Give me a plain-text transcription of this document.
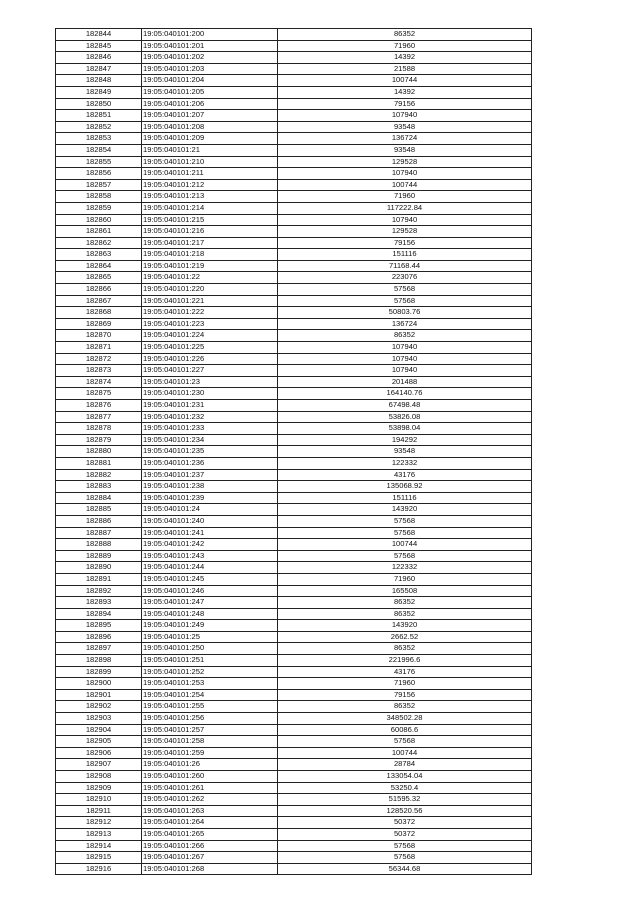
182844	19:05:040101:200	86352
182845	19:05:040101:201	71960
182846	19:05:040101:202	14392
182847	19:05:040101:203	21588
182848	19:05:040101:204	100744
182849	19:05:040101:205	14392
182850	19:05:040101:206	79156
182851	19:05:040101:207	107940
182852	19:05:040101:208	93548
182853	19:05:040101:209	136724
182854	19:05:040101:21	93548
182855	19:05:040101:210	129528
182856	19:05:040101:211	107940
182857	19:05:040101:212	100744
182858	19:05:040101:213	71960
182859	19:05:040101:214	117222.84
182860	19:05:040101:215	107940
182861	19:05:040101:216	129528
182862	19:05:040101:217	79156
182863	19:05:040101:218	151116
182864	19:05:040101:219	71168.44
182865	19:05:040101:22	223076
182866	19:05:040101:220	57568
182867	19:05:040101:221	57568
182868	19:05:040101:222	50803.76
182869	19:05:040101:223	136724
182870	19:05:040101:224	86352
182871	19:05:040101:225	107940
182872	19:05:040101:226	107940
182873	19:05:040101:227	107940
182874	19:05:040101:23	201488
182875	19:05:040101:230	164140.76
182876	19:05:040101:231	67498.48
182877	19:05:040101:232	53826.08
182878	19:05:040101:233	53898.04
182879	19:05:040101:234	194292
182880	19:05:040101:235	93548
182881	19:05:040101:236	122332
182882	19:05:040101:237	43176
182883	19:05:040101:238	135068.92
182884	19:05:040101:239	151116
182885	19:05:040101:24	143920
182886	19:05:040101:240	57568
182887	19:05:040101:241	57568
182888	19:05:040101:242	100744
182889	19:05:040101:243	57568
182890	19:05:040101:244	122332
182891	19:05:040101:245	71960
182892	19:05:040101:246	165508
182893	19:05:040101:247	86352
182894	19:05:040101:248	86352
182895	19:05:040101:249	143920
182896	19:05:040101:25	2662.52
182897	19:05:040101:250	86352
182898	19:05:040101:251	221996.6
182899	19:05:040101:252	43176
182900	19:05:040101:253	71960
182901	19:05:040101:254	79156
182902	19:05:040101:255	86352
182903	19:05:040101:256	348502.28
182904	19:05:040101:257	60086.6
182905	19:05:040101:258	57568
182906	19:05:040101:259	100744
182907	19:05:040101:26	28784
182908	19:05:040101:260	133054.04
182909	19:05:040101:261	53250.4
182910	19:05:040101:262	51595.32
182911	19:05:040101:263	128520.56
182912	19:05:040101:264	50372
182913	19:05:040101:265	50372
182914	19:05:040101:266	57568
182915	19:05:040101:267	57568
182916	19:05:040101:268	56344.68
